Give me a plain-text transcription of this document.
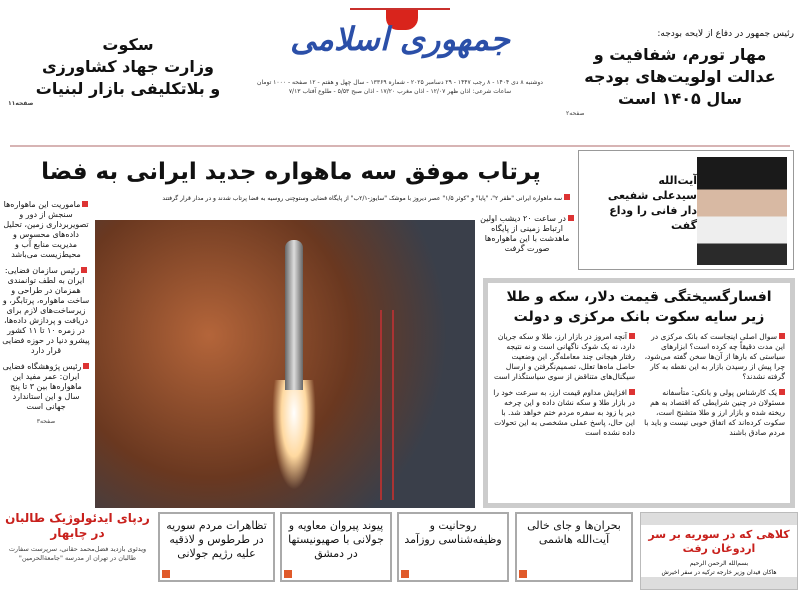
سکوت
وزارت جهاد کشاورزی
و بلاتکلیفی بازار لبنیات
صفحه۱۱
جمهوری اسلامی
دوشنبه ۸ دی ۱۴۰۴ - ۸ رجب ۱۴۴۷ - ۲۹ دسامبر ۲۰۲۵ - شماره ۱۳۳۶۹ - سال چهل و هفتم - ۱۲ صفحه - ۱۰۰۰ تومان
ساعات شرعی: اذان ظهر ۱۲/۰۷ - اذان مغرب ۱۷/۲۰ - اذان صبح ۵/۵۳ - طلوع آفتاب ۷/۱۳
رئیس جمهور در دفاع از لایحه بودجه:
مهار تورم، شفافیت و
عدالت اولویت‌های بودجه
سال ۱۴۰۵ است
صفحه۲
پرتاب موفق سه ماهواره جدید ایرانی به فضا	آیت‌الله
سیدعلی شفیعی
دار فانی را وداع گفت
سه ماهواره ایرانی "ظفر ۲"، "پایا" و "کوثر ۱/۵" عصر دیروز با موشک "سایوز-۲/۱ب" از پایگاه فضایی وستوچنی روسیه به فضا پرتاب شدند و در مدار قرار گرفتند

ماموریت این ماهواره‌ها سنجش از دور و تصویربرداری زمین، تحلیل داده‌های محسوس و مدیریت منابع آب و محیط‌زیست می‌باشد

رئیس سازمان فضایی: ایران به لطف توانمندی همزمان در طراحی و ساخت ماهواره، پرتابگر، و زیرساخت‌های لازم برای دریافت و پردازش داده‌ها، در زمره ۱۰ تا ۱۱ کشور پیشرو دنیا در حوزه فضایی قرار دارد

رئیس پژوهشگاه فضایی ایران: عمر مفید این ماهواره‌ها بین ۳ تا پنج سال و این استاندارد جهانی است

صفحه۳
در ساعت ۲۰ دیشب اولین ارتباط زمینی از پایگاه ماهدشت با این ماهواره‌ها صورت گرفت
افسارگسیختگی قیمت دلار، سکه و طلا
زیر سایه سکوت بانک مرکزی و دولت

آنچه امروز در بازار ارز، طلا و سکه جریان دارد، نه یک شوک ناگهانی است و نه نتیجه رفتار هیجانی چند معامله‌گر. این وضعیت حاصل ماه‌ها تعلل، تصمیم‌نگرفتن و ارسال سیگنال‌های متناقض از سوی سیاستگذار است

افزایش مداوم قیمت ارز، به سرعت خود را در بازار طلا و سکه نشان داده و این چرخه دیر یا زود به سفره مردم ختم خواهد شد. با این حال، پاسخ عملی مشخصی به این تحولات داده نشده است

سوال اصلی اینجاست که بانک مرکزی در این مدت دقیقاً چه کرده است؟ ابزارهای سیاستی که بارها از آن‌ها سخن گفته می‌شود، چرا پیش از رسیدن بازار به این نقطه به کار گرفته نشدند؟

یک کارشناس پولی و بانکی: متأسفانه مسئولان در چنین شرایطی که اقتصاد به هم ریخته شده و بازار ارز و طلا متشنج است، سکوت کرده‌اند که اتفاق خوبی نیست و باید با مردم صادق باشند

ردپای ایدئولوژیک طالبان در چابهار
ویدئوی بازدید فضل‌محمد حقانی، سرپرست سفارت طالبان در تهران از مدرسه "جامعةالحرمین"
تظاهرات مردم سوریه در طرطوس و لاذقیه علیه رژیم جولانی
پیوند پیروان معاویه و جولانی با صهیونیستها در دمشق
روحانیت و وظیفه‌شناسی روزآمد
بحران‌ها و جای خالی آیت‌الله هاشمی	کلاهی که در سوریه بر سر اردوغان رفت
بسم‌الله الرحمن الرحیم
هاکان فیدان وزیر خارجه ترکیه در سفر اخیرش
